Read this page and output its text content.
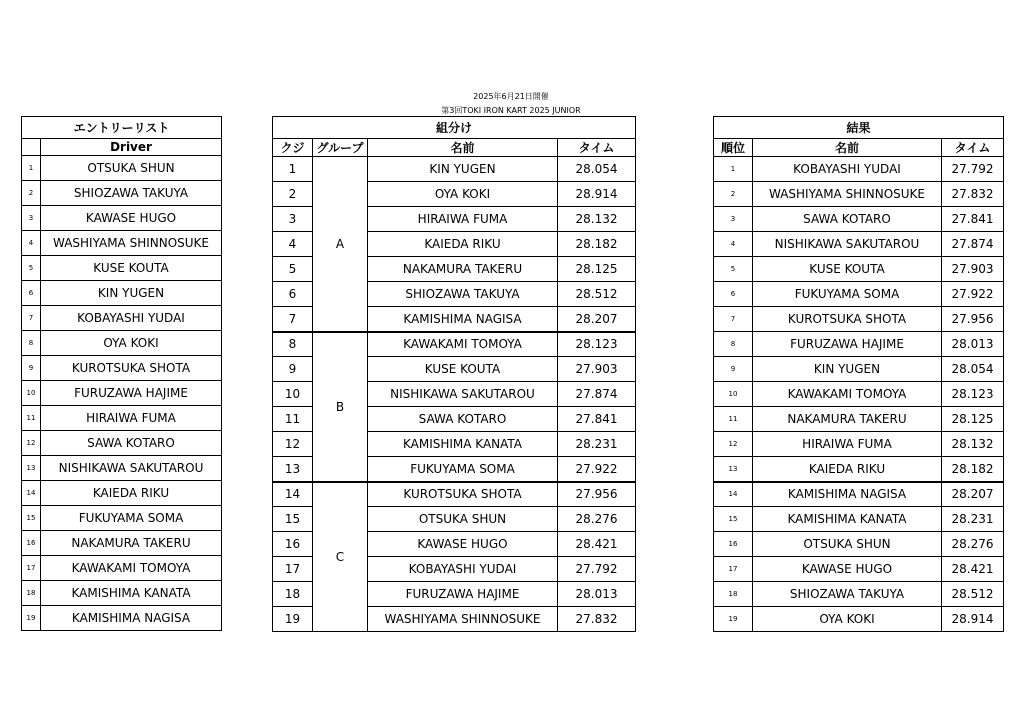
2025年6月21日開催
第3回TOKI IRON KART 2025 JUNIOR
エントリーリスト	
	Driver
1	OTSUKA SHUN
2	SHIOZAWA TAKUYA
3	KAWASE HUGO
4	WASHIYAMA SHINNOSUKE
5	KUSE KOUTA
6	KIN YUGEN
7	KOBAYASHI YUDAI
8	OYA KOKI
9	KUROTSUKA SHOTA
10	FURUZAWA HAJIME
11	HIRAIWA FUMA
12	SAWA KOTARO
13	NISHIKAWA SAKUTAROU
14	KAIEDA RIKU
15	FUKUYAMA SOMA
16	NAKAMURA TAKERU
17	KAWAKAMI TOMOYA
18	KAMISHIMA KANATA
19	KAMISHIMA NAGISA
組分け			
クジ	グループ	名前	タイム
1	A	KIN YUGEN	28.054
2		OYA KOKI	28.914
3		HIRAIWA FUMA	28.132
4		KAIEDA RIKU	28.182
5		NAKAMURA TAKERU	28.125
6		SHIOZAWA TAKUYA	28.512
7		KAMISHIMA NAGISA	28.207
8	B	KAWAKAMI TOMOYA	28.123
9		KUSE KOUTA	27.903
10		NISHIKAWA SAKUTAROU	27.874
11		SAWA KOTARO	27.841
12		KAMISHIMA KANATA	28.231
13		FUKUYAMA SOMA	27.922
14	C	KUROTSUKA SHOTA	27.956
15		OTSUKA SHUN	28.276
16		KAWASE HUGO	28.421
17		KOBAYASHI YUDAI	27.792
18		FURUZAWA HAJIME	28.013
19		WASHIYAMA SHINNOSUKE	27.832
結果		
順位	名前	タイム
1	KOBAYASHI YUDAI	27.792
2	WASHIYAMA SHINNOSUKE	27.832
3	SAWA KOTARO	27.841
4	NISHIKAWA SAKUTAROU	27.874
5	KUSE KOUTA	27.903
6	FUKUYAMA SOMA	27.922
7	KUROTSUKA SHOTA	27.956
8	FURUZAWA HAJIME	28.013
9	KIN YUGEN	28.054
10	KAWAKAMI TOMOYA	28.123
11	NAKAMURA TAKERU	28.125
12	HIRAIWA FUMA	28.132
13	KAIEDA RIKU	28.182
14	KAMISHIMA NAGISA	28.207
15	KAMISHIMA KANATA	28.231
16	OTSUKA SHUN	28.276
17	KAWASE HUGO	28.421
18	SHIOZAWA TAKUYA	28.512
19	OYA KOKI	28.914
